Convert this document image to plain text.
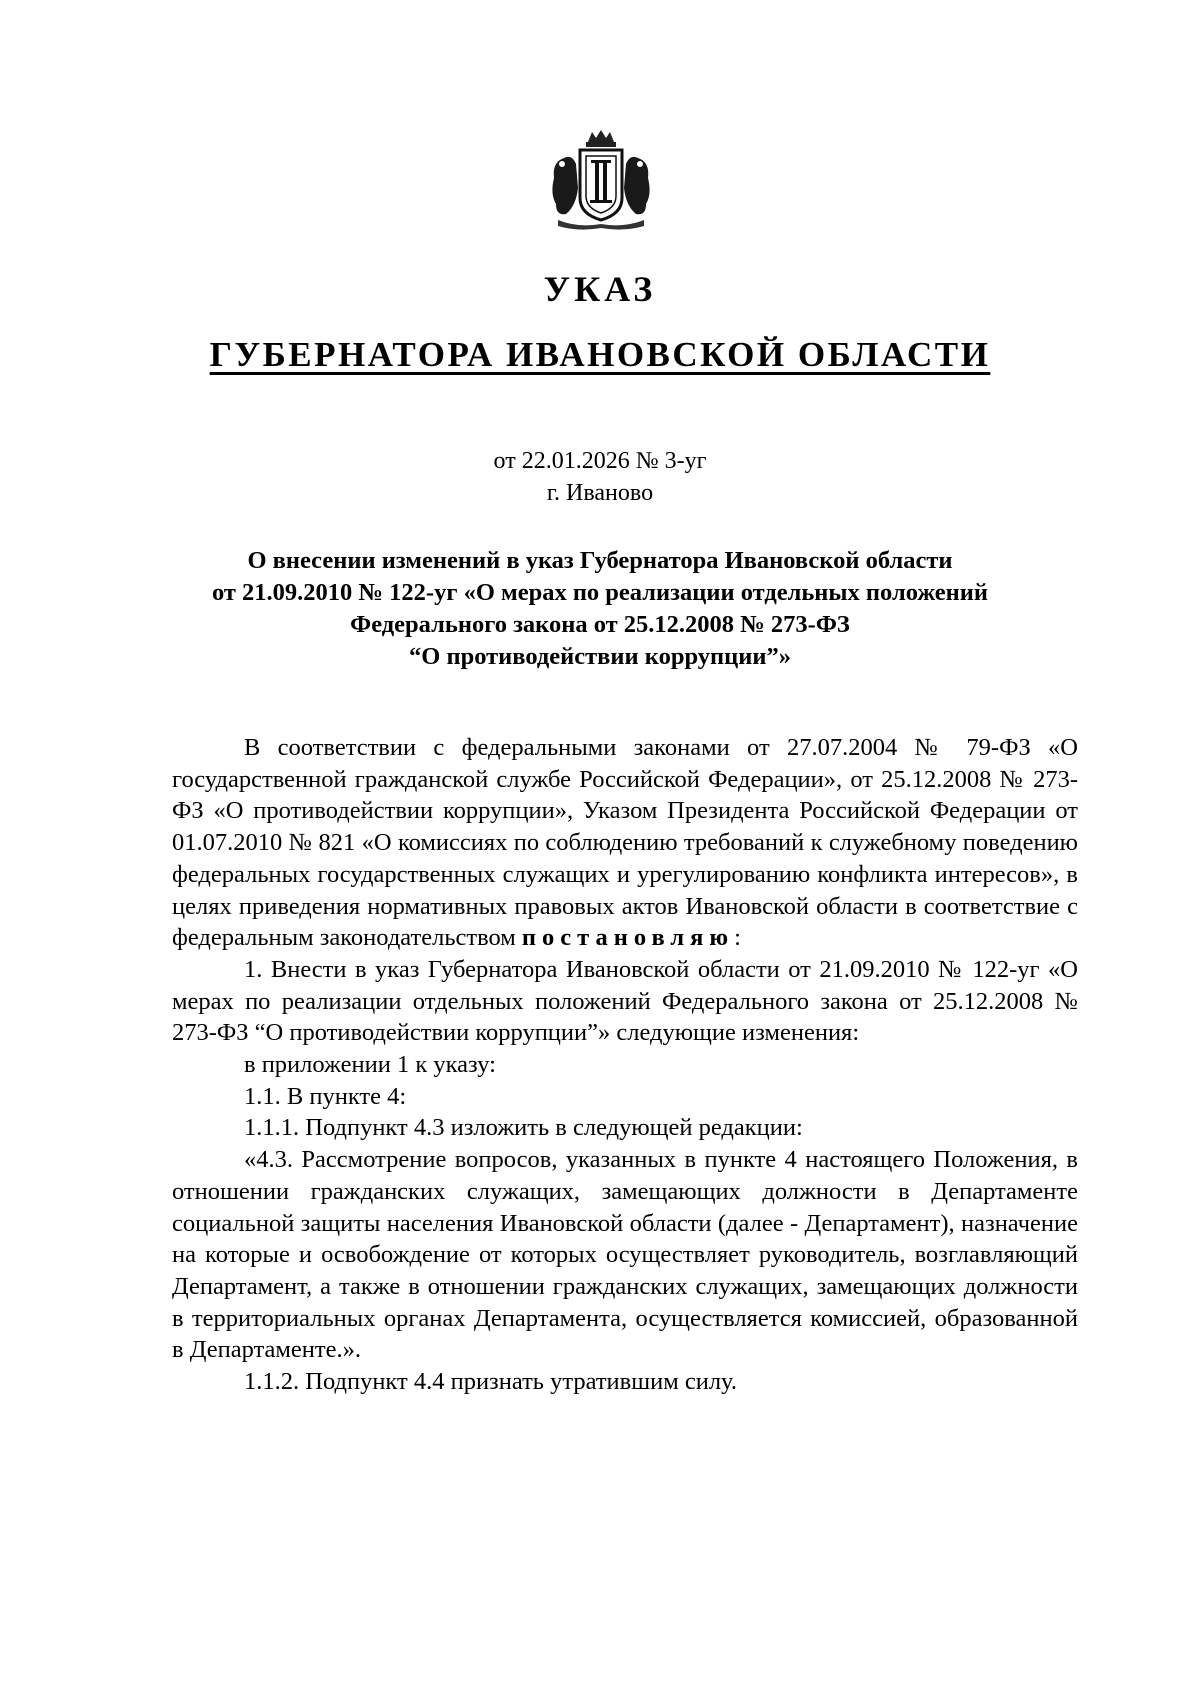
УКАЗ
ГУБЕРНАТОРА ИВАНОВСКОЙ ОБЛАСТИ
от 22.01.2026 № 3-уг
г. Иваново
О внесении изменений в указ Губернатора Ивановской области
от 21.09.2010 № 122-уг «О мерах по реализации отдельных положений
Федерального закона от 25.12.2008 № 273-ФЗ
“О противодействии коррупции”»

В соответствии с федеральными законами от 27.07.2004 № 79-ФЗ «О государственной гражданской службе Российской Федерации», от 25.12.2008 № 273-ФЗ «О противодействии коррупции», Указом Президента Российской Федерации от 01.07.2010 № 821 «О комиссиях по соблюдению требований к служебному поведению федеральных государственных служащих и урегулированию конфликта интересов», в целях приведения нормативных правовых актов Ивановской области в соответствие с федеральным законодательством постановляю:

1. Внести в указ Губернатора Ивановской области от 21.09.2010 № 122-уг «О мерах по реализации отдельных положений Федерального закона от 25.12.2008 № 273-ФЗ “О противодействии коррупции”» следующие изменения:

в приложении 1 к указу:

1.1. В пункте 4:

1.1.1. Подпункт 4.3 изложить в следующей редакции:

«4.3. Рассмотрение вопросов, указанных в пункте 4 настоящего Положения, в отношении гражданских служащих, замещающих должности в Департаменте социальной защиты населения Ивановской области (далее - Департамент), назначение на которые и освобождение от которых осуществляет руководитель, возглавляющий Департамент, а также в отношении гражданских служащих, замещающих должности в территориальных органах Департамента, осуществляется комиссией, образованной в Департаменте.».

1.1.2. Подпункт 4.4 признать утратившим силу.
